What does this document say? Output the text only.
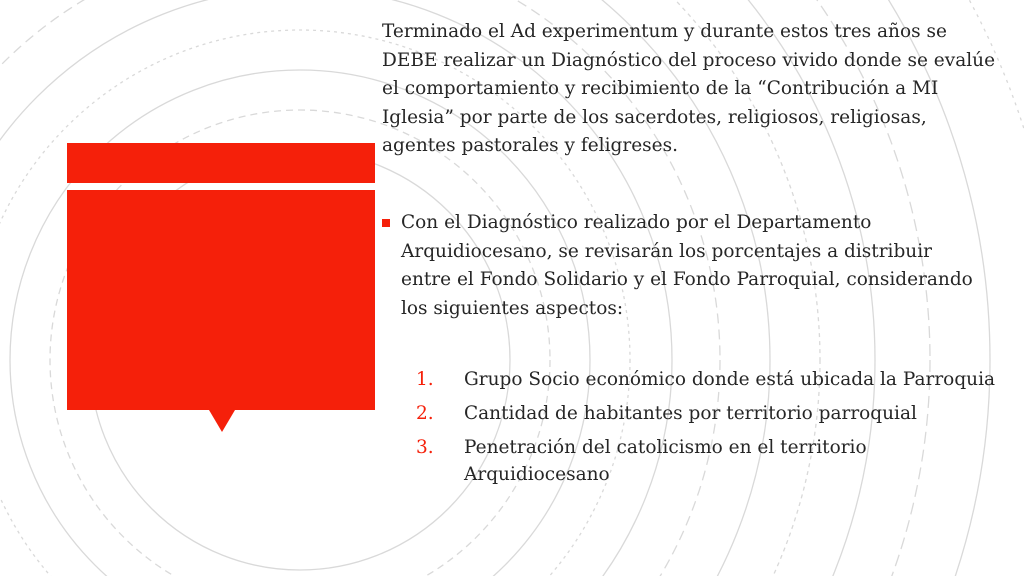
Terminado el Ad experimentum y durante estos tres años se DEBE realizar un Diagnóstico del proceso vivido donde se evalúe el comportamiento y recibimiento de la “Contribución a MI Iglesia” por parte de los sacerdotes, religiosos, religiosas, agentes pastorales y feligreses.

Con el Diagnóstico realizado por el Departamento Arquidiocesano, se revisarán los porcentajes a distribuir entre el Fondo Solidario y el Fondo Parroquial, considerando los siguientes aspectos:
1. Grupo Socio económico donde está ubicada la Parroquia
2. Cantidad de habitantes por territorio parroquial
3. Penetración del catolicismo en el territorio Arquidiocesano
